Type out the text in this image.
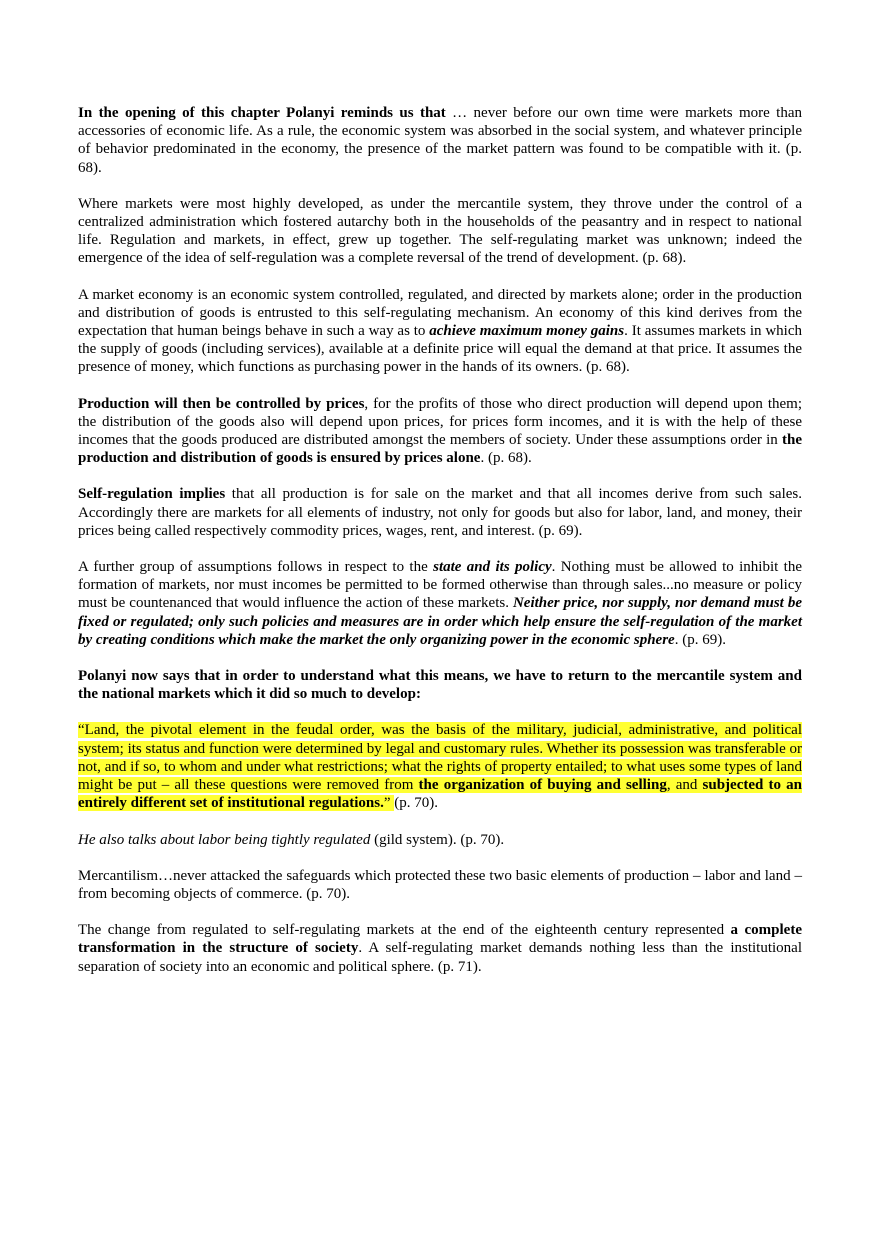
In the opening of this chapter Polanyi reminds us that … never before our own time were markets more than accessories of economic life. As a rule, the economic system was absorbed in the social system, and whatever principle of behavior predominated in the economy, the presence of the market pattern was found to be compatible with it. (p. 68).

Where markets were most highly developed, as under the mercantile system, they throve under the control of a centralized administration which fostered autarchy both in the households of the peasantry and in respect to national life. Regulation and markets, in effect, grew up together. The self-regulating market was unknown; indeed the emergence of the idea of self-regulation was a complete reversal of the trend of development. (p. 68).

A market economy is an economic system controlled, regulated, and directed by markets alone; order in the production and distribution of goods is entrusted to this self-regulating mechanism. An economy of this kind derives from the expectation that human beings behave in such a way as to achieve maximum money gains. It assumes markets in which the supply of goods (including services), available at a definite price will equal the demand at that price. It assumes the presence of money, which functions as purchasing power in the hands of its owners. (p. 68).

Production will then be controlled by prices, for the profits of those who direct production will depend upon them; the distribution of the goods also will depend upon prices, for prices form incomes, and it is with the help of these incomes that the goods produced are distributed amongst the members of society. Under these assumptions order in the production and distribution of goods is ensured by prices alone. (p. 68).

Self-regulation implies that all production is for sale on the market and that all incomes derive from such sales. Accordingly there are markets for all elements of industry, not only for goods but also for labor, land, and money, their prices being called respectively commodity prices, wages, rent, and interest. (p. 69).

A further group of assumptions follows in respect to the state and its policy. Nothing must be allowed to inhibit the formation of markets, nor must incomes be permitted to be formed otherwise than through sales...no measure or policy must be countenanced that would influence the action of these markets. Neither price, nor supply, nor demand must be fixed or regulated; only such policies and measures are in order which help ensure the self-regulation of the market by creating conditions which make the market the only organizing power in the economic sphere. (p. 69).

Polanyi now says that in order to understand what this means, we have to return to the mercantile system and the national markets which it did so much to develop:

“Land, the pivotal element in the feudal order, was the basis of the military, judicial, administrative, and political system; its status and function were determined by legal and customary rules. Whether its possession was transferable or not, and if so, to whom and under what restrictions; what the rights of property entailed; to what uses some types of land might be put – all these questions were removed from the organization of buying and selling, and subjected to an entirely different set of institutional regulations.” (p. 70).

He also talks about labor being tightly regulated (gild system). (p. 70).

Mercantilism…never attacked the safeguards which protected these two basic elements of production – labor and land – from becoming objects of commerce. (p. 70).

The change from regulated to self-regulating markets at the end of the eighteenth century represented a complete transformation in the structure of society. A self-regulating market demands nothing less than the institutional separation of society into an economic and political sphere. (p. 71).
